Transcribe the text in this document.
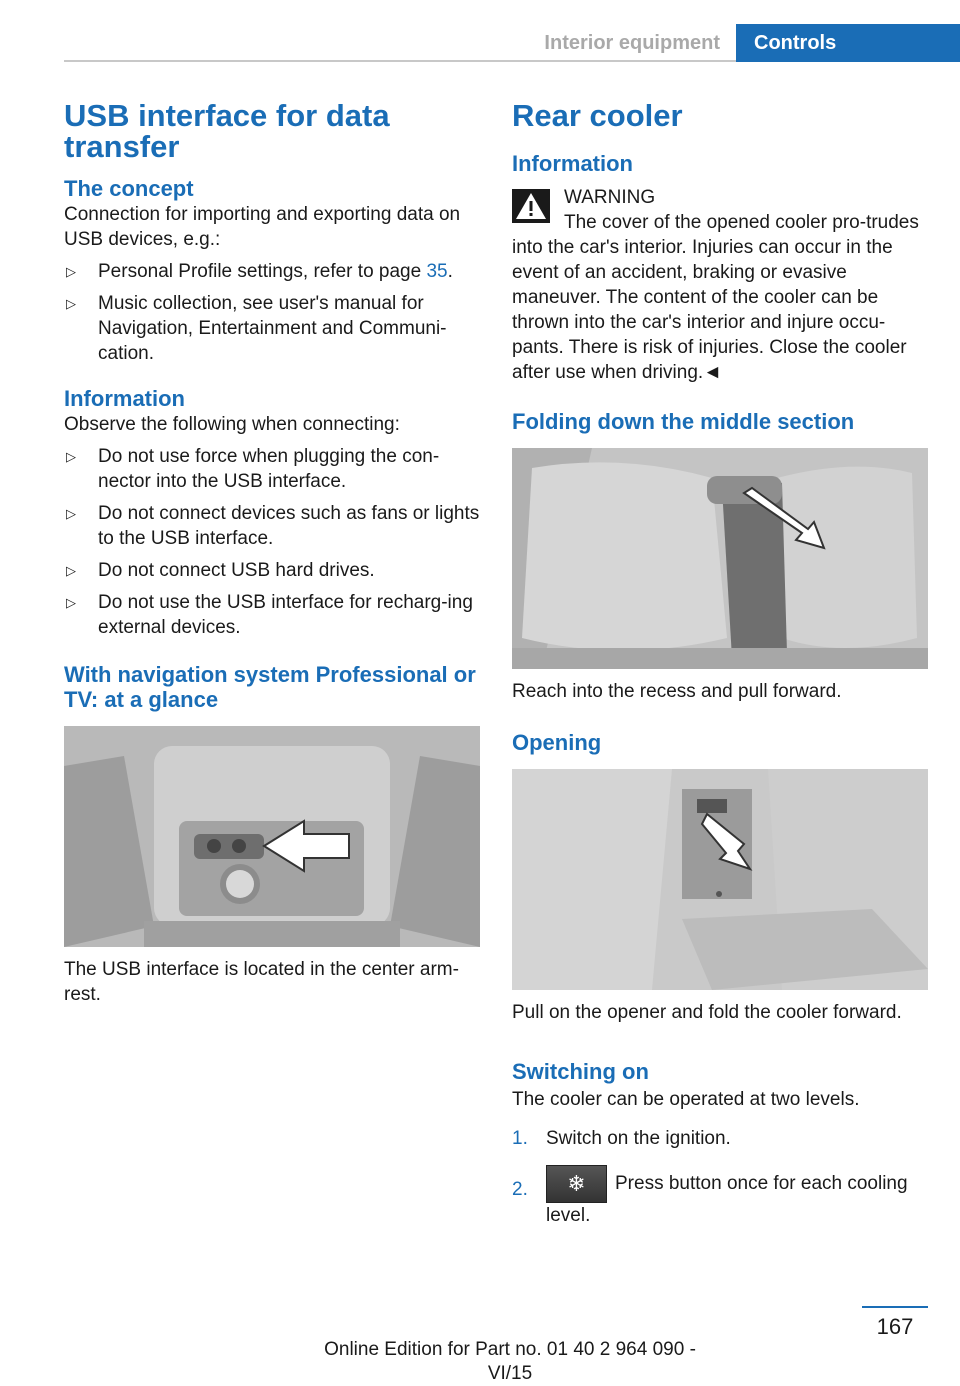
Interior equipment	Controls
USB interface for data transfer
The concept

Connection for importing and exporting data on USB devices, e.g.:

▷ Personal Profile settings, refer to page 35.
▷ Music collection, see user's manual for Navigation, Entertainment and Communi-cation.
Information

Observe the following when connecting:

▷ Do not use force when plugging the con-nector into the USB interface.
▷ Do not connect devices such as fans or lights to the USB interface.
▷ Do not connect USB hard drives.
▷ Do not use the USB interface for recharg-ing external devices.
With navigation system Professional or TV: at a glance

The USB interface is located in the center arm-rest.

Rear cooler
Information

WARNING

The cover of the opened cooler pro-trudes into the car's interior. Injuries can occur in the event of an accident, braking or evasive maneuver. The content of the cooler can be thrown into the car's interior and injure occu-pants. There is risk of injuries. Close the cooler after use when driving.◄

Folding down the middle section

Reach into the recess and pull forward.

Opening

Pull on the opener and fold the cooler forward.

Switching on

The cooler can be operated at two levels.

1. Switch on the ignition.
2. ❄ Press button once for each cooling level.
167
Online Edition for Part no. 01 40 2 964 090 - VI/15
